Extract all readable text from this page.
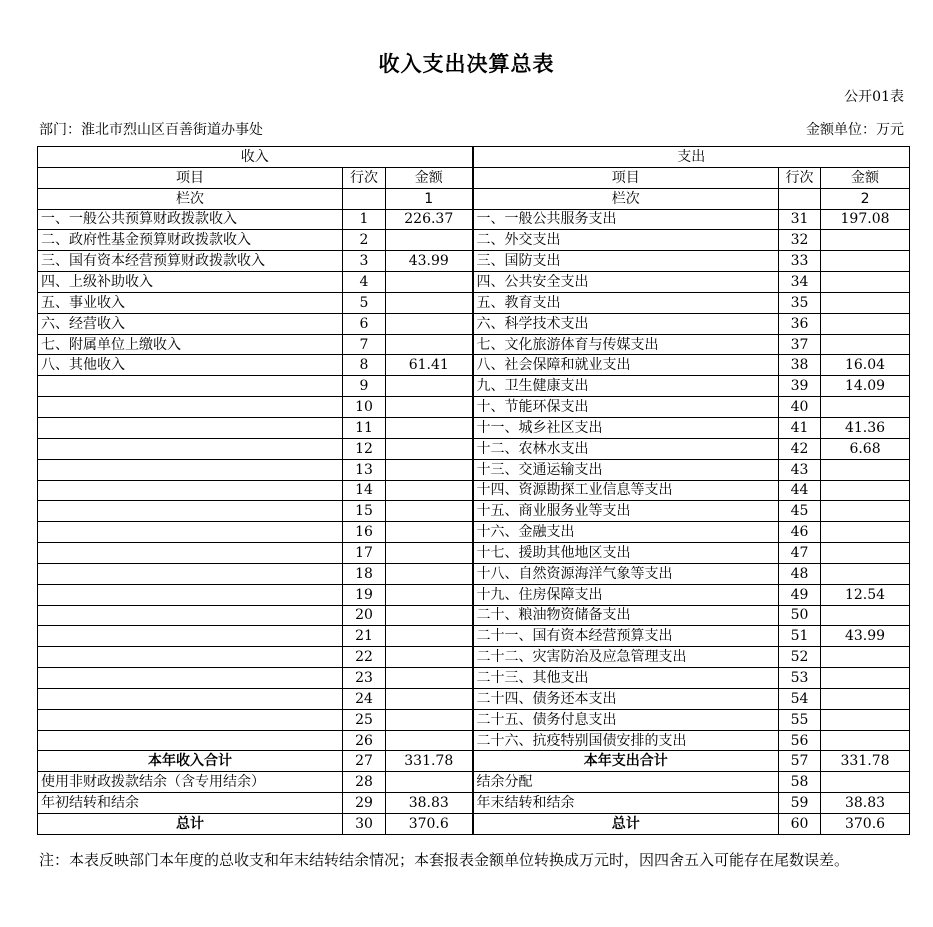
收入支出决算总表
公开01表
部门：淮北市烈山区百善街道办事处	金额单位：万元
收入			支出		
项目	行次	金额	项目	行次	金额
栏次		1	栏次		2
一、一般公共预算财政拨款收入	1	226.37	一、一般公共服务支出	31	197.08
二、政府性基金预算财政拨款收入	2		二、外交支出	32	
三、国有资本经营预算财政拨款收入	3	43.99	三、国防支出	33	
四、上级补助收入	4		四、公共安全支出	34	
五、事业收入	5		五、教育支出	35	
六、经营收入	6		六、科学技术支出	36	
七、附属单位上缴收入	7		七、文化旅游体育与传媒支出	37	
八、其他收入	8	61.41	八、社会保障和就业支出	38	16.04
	9		九、卫生健康支出	39	14.09
	10		十、节能环保支出	40	
	11		十一、城乡社区支出	41	41.36
	12		十二、农林水支出	42	6.68
	13		十三、交通运输支出	43	
	14		十四、资源勘探工业信息等支出	44	
	15		十五、商业服务业等支出	45	
	16		十六、金融支出	46	
	17		十七、援助其他地区支出	47	
	18		十八、自然资源海洋气象等支出	48	
	19		十九、住房保障支出	49	12.54
	20		二十、粮油物资储备支出	50	
	21		二十一、国有资本经营预算支出	51	43.99
	22		二十二、灾害防治及应急管理支出	52	
	23		二十三、其他支出	53	
	24		二十四、债务还本支出	54	
	25		二十五、债务付息支出	55	
	26		二十六、抗疫特别国债安排的支出	56	
本年收入合计	27	331.78	本年支出合计	57	331.78
使用非财政拨款结余（含专用结余）	28		结余分配	58	
年初结转和结余	29	38.83	年末结转和结余	59	38.83
总计	30	370.6	总计	60	370.6
注：本表反映部门本年度的总收支和年末结转结余情况；本套报表金额单位转换成万元时，因四舍五入可能存在尾数误差。
